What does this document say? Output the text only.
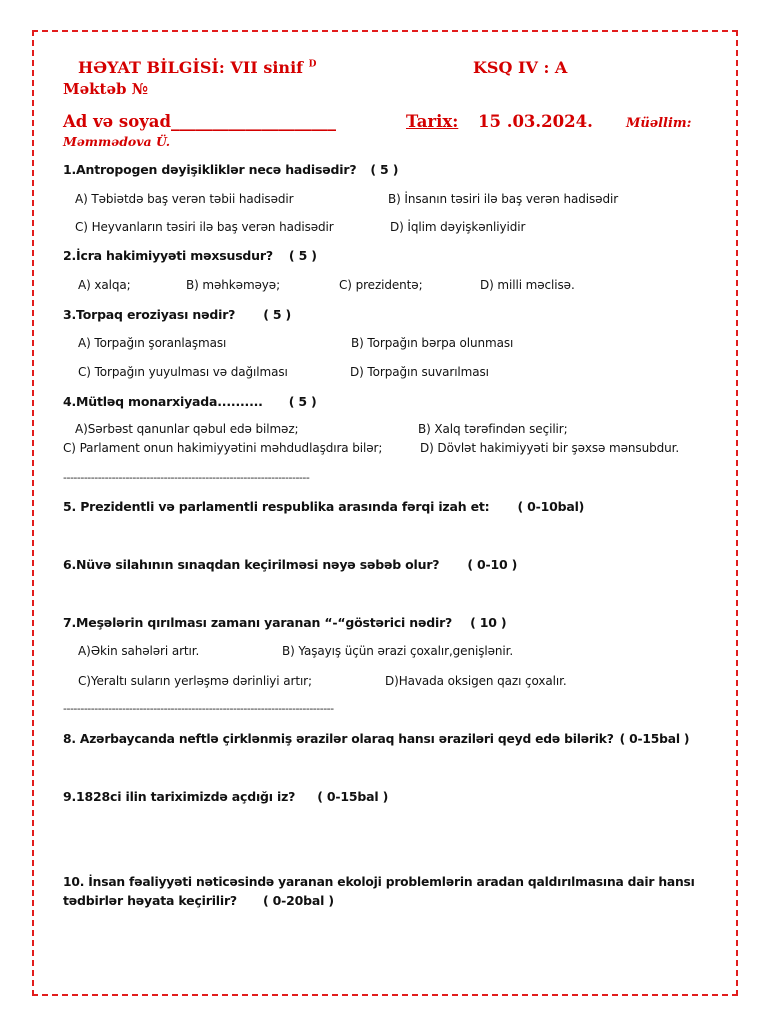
HƏYAT BİLGİSİ: VII sinif $^D$	KSQ IV : A
Məktəb №
Ad və soyad____________________	Tarix: 15 .03.2024.	Müəllim:
Məmmədova Ü.
1.Antropogen dəyişikliklər necə hadisədir? ( 5 )
A) Təbiətdə baş verən təbii hadisədir	B) İnsanın təsiri ilə baş verən hadisədir
C) Heyvanların təsiri ilə baş verən hadisədir	D) İqlim dəyişkənliyidir
2.İcra hakimiyyəti məxsusdur? ( 5 )
A) xalqa;	B) məhkəməyə;	C) prezidentə;	D) milli məclisə.
3.Torpaq eroziyası nədir? ( 5 )
A) Torpağın şoranlaşması	B) Torpağın bərpa olunması
C) Torpağın yuyulması və dağılması	D) Torpağın suvarılması
4.Mütləq monarxiyada.......... ( 5 )
A)Sərbəst qanunlar qəbul edə bilməz;	B) Xalq tərəfindən seçilir;
C) Parlament onun hakimiyyətini məhdudlaşdıra bilər;	D) Dövlət hakimiyyəti bir şəxsə mənsubdur.
-----------------------------------------------------------------------
5. Prezidentli və parlamentli respublika arasında fərqi izah et: ( 0-10bal)
6.Nüvə silahının sınaqdan keçirilməsi nəyə səbəb olur? ( 0-10 )
7.Meşələrin qırılması zamanı yaranan “-“göstərici nədir? ( 10 )
A)Əkin sahələri artır.	B) Yaşayış üçün ərazi çoxalır,genişlənir.
C)Yeraltı suların yerləşmə dərinliyi artır;	D)Havada oksigen qazı çoxalır.
------------------------------------------------------------------------------
8. Azərbaycanda neftlə çirklənmiş ərazilər olaraq hansı əraziləri qeyd edə bilərik? ( 0-15bal )
9.1828ci ilin tariximizdə açdığı iz? ( 0-15bal )
10. İnsan fəaliyyəti nəticəsində yaranan ekoloji problemlərin aradan qaldırılmasına dair hansı
tədbirlər həyata keçirilir? ( 0-20bal )
